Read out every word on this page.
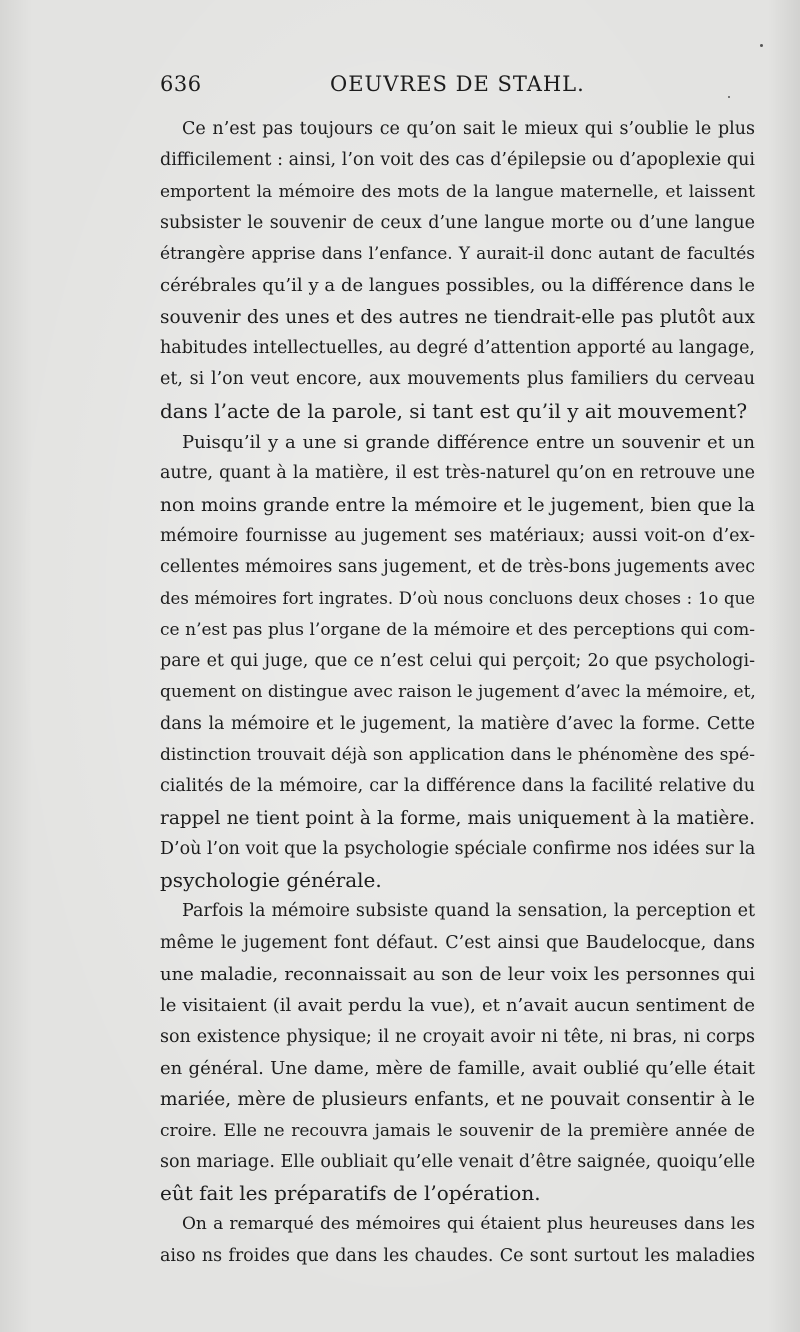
636	OEUVRES DE STAHL.

Ce n’est pas toujours ce qu’on sait le mieux qui s’oublie le plus
difficilement : ainsi, l’on voit des cas d’épilepsie ou d’apoplexie qui
emportent la mémoire des mots de la langue maternelle, et laissent
subsister le souvenir de ceux d’une langue morte ou d’une langue
étrangère apprise dans l’enfance. Y aurait-il donc autant de facultés
cérébrales qu’il y a de langues possibles, ou la différence dans le
souvenir des unes et des autres ne tiendrait-elle pas plutôt aux
habitudes intellectuelles, au degré d’attention apporté au langage,
et, si l’on veut encore, aux mouvements plus familiers du cerveau
dans l’acte de la parole, si tant est qu’il y ait mouvement?

Puisqu’il y a une si grande différence entre un souvenir et un
autre, quant à la matière, il est très-naturel qu’on en retrouve une
non moins grande entre la mémoire et le jugement, bien que la
mémoire fournisse au jugement ses matériaux; aussi voit-on d’ex-
cellentes mémoires sans jugement, et de très-bons jugements avec
des mémoires fort ingrates. D’où nous concluons deux choses : 1o que
ce n’est pas plus l’organe de la mémoire et des perceptions qui com-
pare et qui juge, que ce n’est celui qui perçoit; 2o que psychologi-
quement on distingue avec raison le jugement d’avec la mémoire, et,
dans la mémoire et le jugement, la matière d’avec la forme. Cette
distinction trouvait déjà son application dans le phénomène des spé-
cialités de la mémoire, car la différence dans la facilité relative du
rappel ne tient point à la forme, mais uniquement à la matière.
D’où l’on voit que la psychologie spéciale confirme nos idées sur la
psychologie générale.

Parfois la mémoire subsiste quand la sensation, la perception et
même le jugement font défaut. C’est ainsi que Baudelocque, dans
une maladie, reconnaissait au son de leur voix les personnes qui
le visitaient (il avait perdu la vue), et n’avait aucun sentiment de
son existence physique; il ne croyait avoir ni tête, ni bras, ni corps
en général. Une dame, mère de famille, avait oublié qu’elle était
mariée, mère de plusieurs enfants, et ne pouvait consentir à le
croire. Elle ne recouvra jamais le souvenir de la première année de
son mariage. Elle oubliait qu’elle venait d’être saignée, quoiqu’elle
eût fait les préparatifs de l’opération.

On a remarqué des mémoires qui étaient plus heureuses dans les
aiso ns froides que dans les chaudes. Ce sont surtout les maladies
